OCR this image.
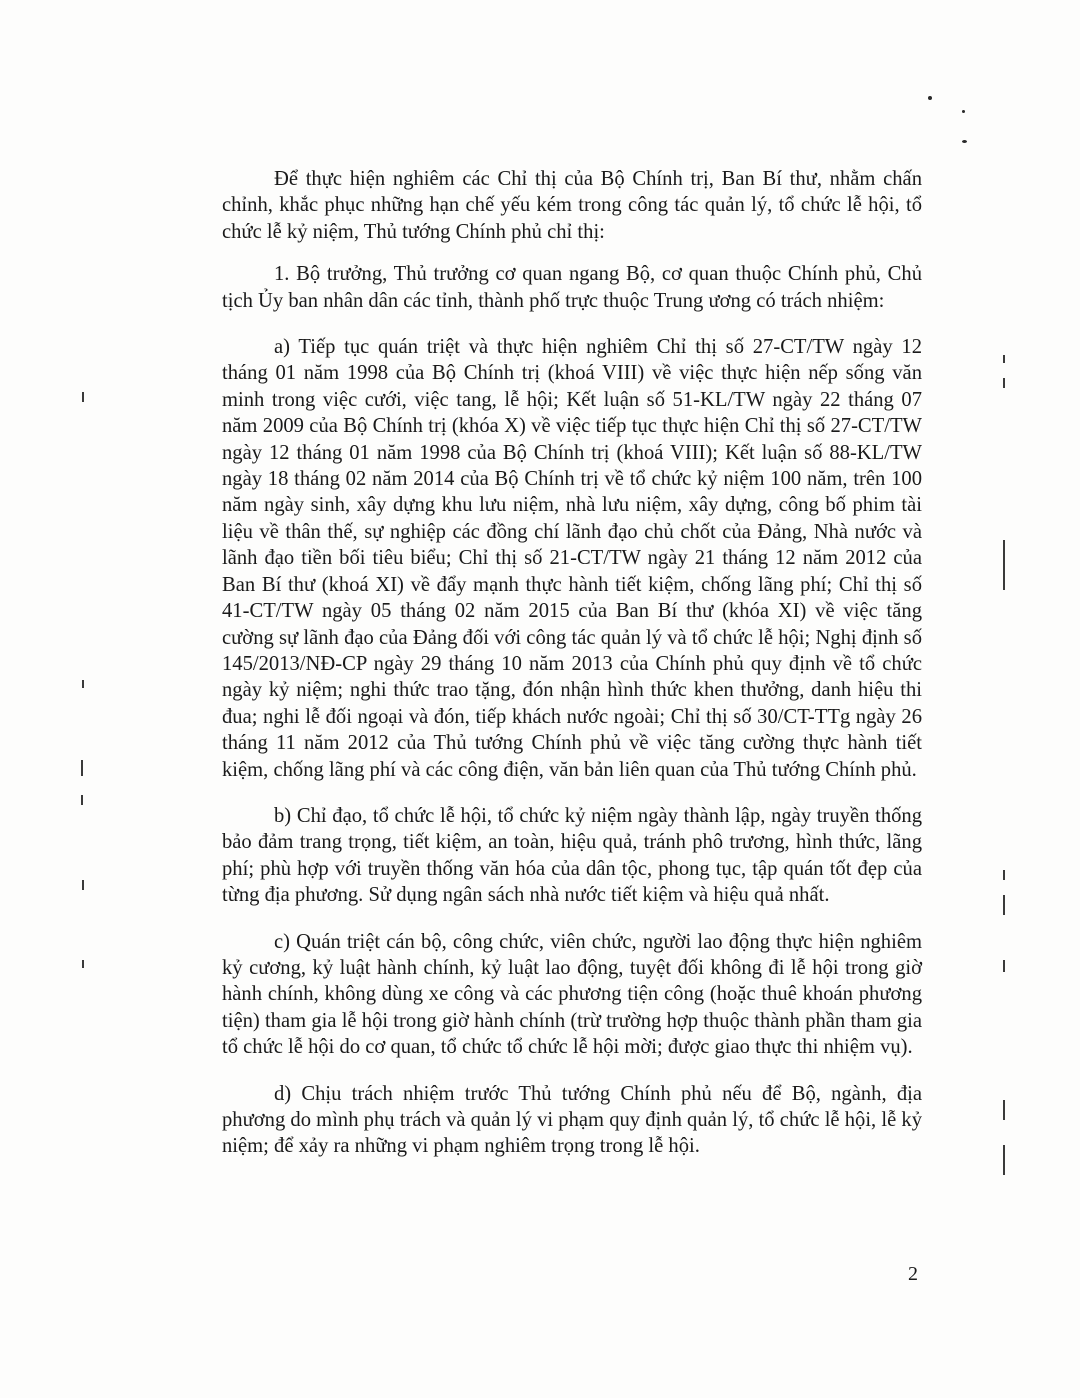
Để thực hiện nghiêm các Chỉ thị của Bộ Chính trị, Ban Bí thư, nhằm chấn chỉnh, khắc phục những hạn chế yếu kém trong công tác quản lý, tổ chức lễ hội, tổ chức lễ kỷ niệm, Thủ tướng Chính phủ chỉ thị:

1. Bộ trưởng, Thủ trưởng cơ quan ngang Bộ, cơ quan thuộc Chính phủ, Chủ tịch Ủy ban nhân dân các tỉnh, thành phố trực thuộc Trung ương có trách nhiệm:

a) Tiếp tục quán triệt và thực hiện nghiêm Chỉ thị số 27-CT/TW ngày 12 tháng 01 năm 1998 của Bộ Chính trị (khoá VIII) về việc thực hiện nếp sống văn minh trong việc cưới, việc tang, lễ hội; Kết luận số 51-KL/TW ngày 22 tháng 07 năm 2009 của Bộ Chính trị (khóa X) về việc tiếp tục thực hiện Chỉ thị số 27-CT/TW ngày 12 tháng 01 năm 1998 của Bộ Chính trị (khoá VIII); Kết luận số 88-KL/TW ngày 18 tháng 02 năm 2014 của Bộ Chính trị về tổ chức kỷ niệm 100 năm, trên 100 năm ngày sinh, xây dựng khu lưu niệm, nhà lưu niệm, xây dựng, công bố phim tài liệu về thân thế, sự nghiệp các đồng chí lãnh đạo chủ chốt của Đảng, Nhà nước và lãnh đạo tiền bối tiêu biểu; Chỉ thị số 21-CT/TW ngày 21 tháng 12 năm 2012 của Ban Bí thư (khoá XI) về đẩy mạnh thực hành tiết kiệm, chống lãng phí; Chỉ thị số 41-CT/TW ngày 05 tháng 02 năm 2015 của Ban Bí thư (khóa XI) về việc tăng cường sự lãnh đạo của Đảng đối với công tác quản lý và tổ chức lễ hội; Nghị định số 145/2013/NĐ-CP ngày 29 tháng 10 năm 2013 của Chính phủ quy định về tổ chức ngày kỷ niệm; nghi thức trao tặng, đón nhận hình thức khen thưởng, danh hiệu thi đua; nghi lễ đối ngoại và đón, tiếp khách nước ngoài; Chỉ thị số 30/CT-TTg ngày 26 tháng 11 năm 2012 của Thủ tướng Chính phủ về việc tăng cường thực hành tiết kiệm, chống lãng phí và các công điện, văn bản liên quan của Thủ tướng Chính phủ.

b) Chỉ đạo, tổ chức lễ hội, tổ chức kỷ niệm ngày thành lập, ngày truyền thống bảo đảm trang trọng, tiết kiệm, an toàn, hiệu quả, tránh phô trương, hình thức, lãng phí; phù hợp với truyền thống văn hóa của dân tộc, phong tục, tập quán tốt đẹp của từng địa phương. Sử dụng ngân sách nhà nước tiết kiệm và hiệu quả nhất.

c) Quán triệt cán bộ, công chức, viên chức, người lao động thực hiện nghiêm kỷ cương, kỷ luật hành chính, kỷ luật lao động, tuyệt đối không đi lễ hội trong giờ hành chính, không dùng xe công và các phương tiện công (hoặc thuê khoán phương tiện) tham gia lễ hội trong giờ hành chính (trừ trường hợp thuộc thành phần tham gia tổ chức lễ hội do cơ quan, tổ chức tổ chức lễ hội mời; được giao thực thi nhiệm vụ).

d) Chịu trách nhiệm trước Thủ tướng Chính phủ nếu để Bộ, ngành, địa phương do mình phụ trách và quản lý vi phạm quy định quản lý, tổ chức lễ hội, lễ kỷ niệm; để xảy ra những vi phạm nghiêm trọng trong lễ hội.

2
